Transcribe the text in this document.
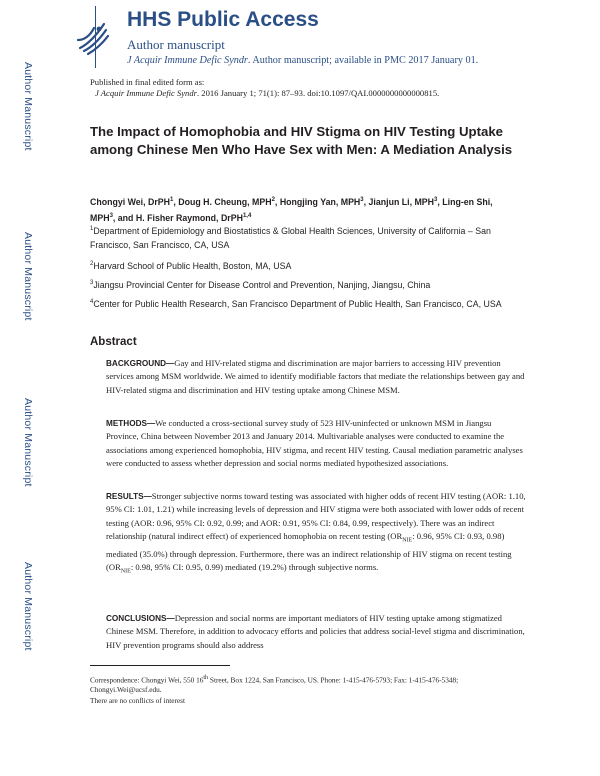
Author Manuscript
Author Manuscript
Author Manuscript
Author Manuscript
HHS Public Access
Author manuscript
J Acquir Immune Defic Syndr. Author manuscript; available in PMC 2017 January 01.
Published in final edited form as:
J Acquir Immune Defic Syndr. 2016 January 1; 71(1): 87–93. doi:10.1097/QAI.0000000000000815.
The Impact of Homophobia and HIV Stigma on HIV Testing Uptake among Chinese Men Who Have Sex with Men: A Mediation Analysis
Chongyi Wei, DrPH$^1$, Doug H. Cheung, MPH$^2$, Hongjing Yan, MPH$^3$, Jianjun Li, MPH$^3$, Ling-en Shi, MPH$^3$, and H. Fisher Raymond, DrPH$^{1,4}$
$^1$Department of Epidemiology and Biostatistics & Global Health Sciences, University of California – San Francisco, San Francisco, CA, USA
$^2$Harvard School of Public Health, Boston, MA, USA
$^3$Jiangsu Provincial Center for Disease Control and Prevention, Nanjing, Jiangsu, China
$^4$Center for Public Health Research, San Francisco Department of Public Health, San Francisco, CA, USA
Abstract
BACKGROUND—Gay and HIV-related stigma and discrimination are major barriers to accessing HIV prevention services among MSM worldwide. We aimed to identify modifiable factors that mediate the relationships between gay and HIV-related stigma and discrimination and HIV testing uptake among Chinese MSM.
METHODS—We conducted a cross-sectional survey study of 523 HIV-uninfected or unknown MSM in Jiangsu Province, China between November 2013 and January 2014. Multivariable analyses were conducted to examine the associations among experienced homophobia, HIV stigma, and recent HIV testing. Causal mediation parametric analyses were conducted to assess whether depression and social norms mediated hypothesized associations.
RESULTS—Stronger subjective norms toward testing was associated with higher odds of recent HIV testing (AOR: 1.10, 95% CI: 1.01, 1.21) while increasing levels of depression and HIV stigma were both associated with lower odds of recent testing (AOR: 0.96, 95% CI: 0.92, 0.99; and AOR: 0.91, 95% CI: 0.84, 0.99, respectively). There was an indirect relationship (natural indirect effect) of experienced homophobia on recent testing ($OR_{NIE}$: 0.96, 95% CI: 0.93, 0.98) mediated (35.0%) through depression. Furthermore, there was an indirect relationship of HIV stigma on recent testing ($OR_{NIE}$: 0.98, 95% CI: 0.95, 0.99) mediated (19.2%) through subjective norms.
CONCLUSIONS—Depression and social norms are important mediators of HIV testing uptake among stigmatized Chinese MSM. Therefore, in addition to advocacy efforts and policies that address social-level stigma and discrimination, HIV prevention programs should also address
Correspondence: Chongyi Wei, 550 16th Street, Box 1224, San Francisco, US. Phone: 1-415-476-5793; Fax: 1-415-476-5348; Chongyi.Wei@ucsf.edu.
There are no conflicts of interest
